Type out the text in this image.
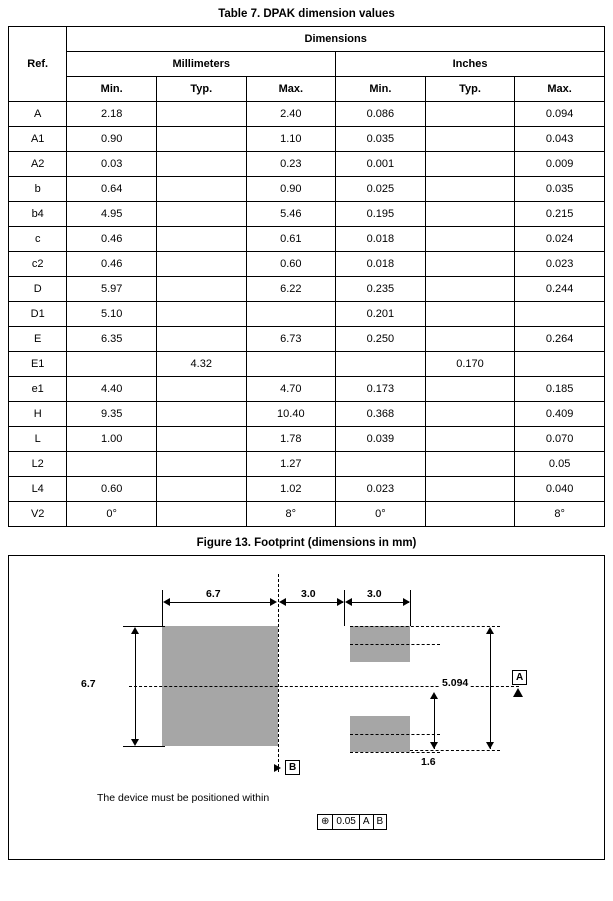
Table 7. DPAK dimension values
Ref.	Dimensions					
	Millimeters			Inches		
	Min.	Typ.	Max.	Min.	Typ.	Max.
A	2.18		2.40	0.086		0.094
A1	0.90		1.10	0.035		0.043
A2	0.03		0.23	0.001		0.009
b	0.64		0.90	0.025		0.035
b4	4.95		5.46	0.195		0.215
c	0.46		0.61	0.018		0.024
c2	0.46		0.60	0.018		0.023
D	5.97		6.22	0.235		0.244
D1	5.10			0.201		
E	6.35		6.73	0.250		0.264
E1		4.32			0.170	
e1	4.40		4.70	0.173		0.185
H	9.35		10.40	0.368		0.409
L	1.00		1.78	0.039		0.070
L2			1.27			0.05
L4	0.60		1.02	0.023		0.040
V2	0°		8°	0°		8°
Figure 13. Footprint (dimensions in mm)
6.7	3.0	3.0
6.7	5.094
1.6
A
B
The device must be positioned within
⊕ 0.05 A B
